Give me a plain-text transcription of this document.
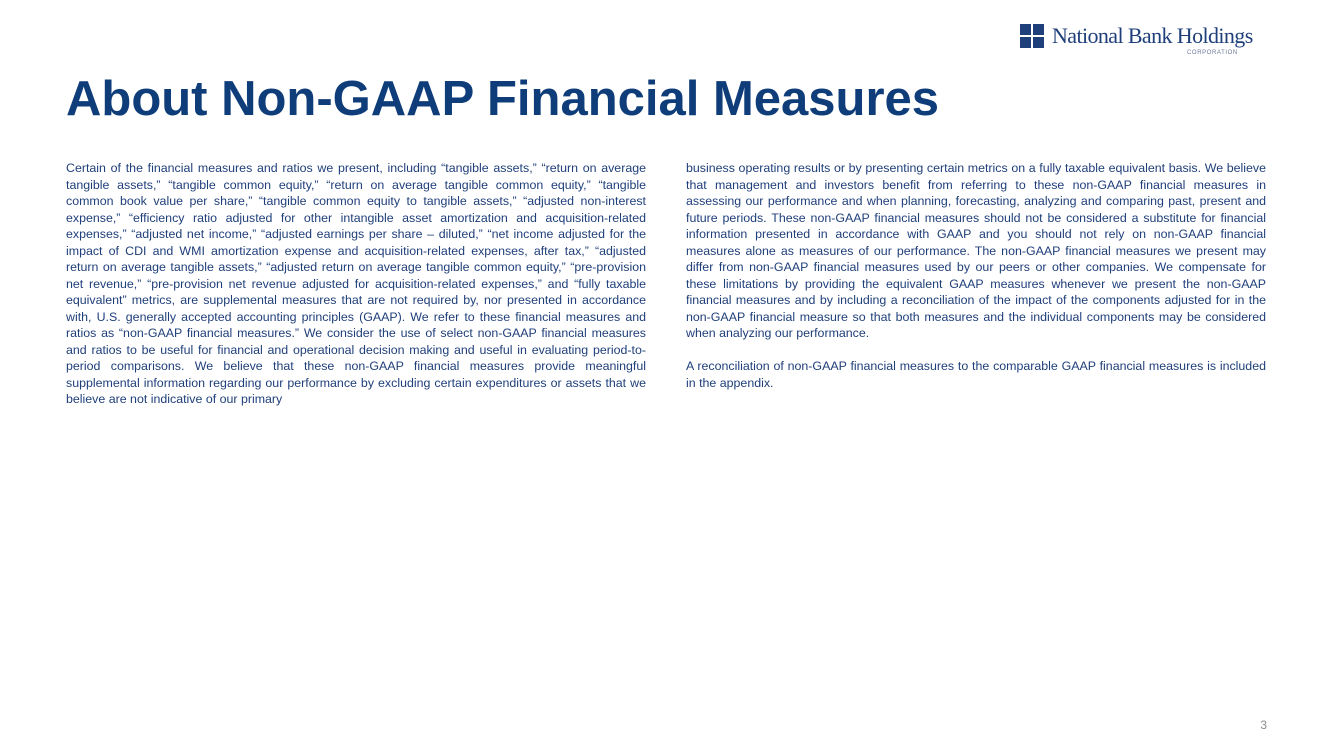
National Bank Holdings
CORPORATION
About Non-GAAP Financial Measures

Certain of the financial measures and ratios we present, including “tangible assets,” “return on average tangible assets,” “tangible common equity,” “return on average tangible common equity,” “tangible common book value per share,” “tangible common equity to tangible assets,” “adjusted non-interest expense,” “efficiency ratio adjusted for other intangible asset amortization and acquisition-related expenses,” “adjusted net income,” “adjusted earnings per share – diluted,” “net income adjusted for the impact of CDI and WMI amortization expense and acquisition-related expenses, after tax,” “adjusted return on average tangible assets,” “adjusted return on average tangible common equity,” “pre-provision net revenue,” “pre-provision net revenue adjusted for acquisition-related expenses,” and “fully taxable equivalent” metrics, are supplemental measures that are not required by, nor presented in accordance with, U.S. generally accepted accounting principles (GAAP). We refer to these financial measures and ratios as “non-GAAP financial measures.” We consider the use of select non-GAAP financial measures and ratios to be useful for financial and operational decision making and useful in evaluating period-to-period comparisons. We believe that these non-GAAP financial measures provide meaningful supplemental information regarding our performance by excluding certain expenditures or assets that we believe are not indicative of our primary

business operating results or by presenting certain metrics on a fully taxable equivalent basis. We believe that management and investors benefit from referring to these non-GAAP financial measures in assessing our performance and when planning, forecasting, analyzing and comparing past, present and future periods. These non-GAAP financial measures should not be considered a substitute for financial information presented in accordance with GAAP and you should not rely on non-GAAP financial measures alone as measures of our performance. The non-GAAP financial measures we present may differ from non-GAAP financial measures used by our peers or other companies. We compensate for these limitations by providing the equivalent GAAP measures whenever we present the non-GAAP financial measures and by including a reconciliation of the impact of the components adjusted for in the non-GAAP financial measure so that both measures and the individual components may be considered when analyzing our performance.

A reconciliation of non-GAAP financial measures to the comparable GAAP financial measures is included in the appendix.

3
